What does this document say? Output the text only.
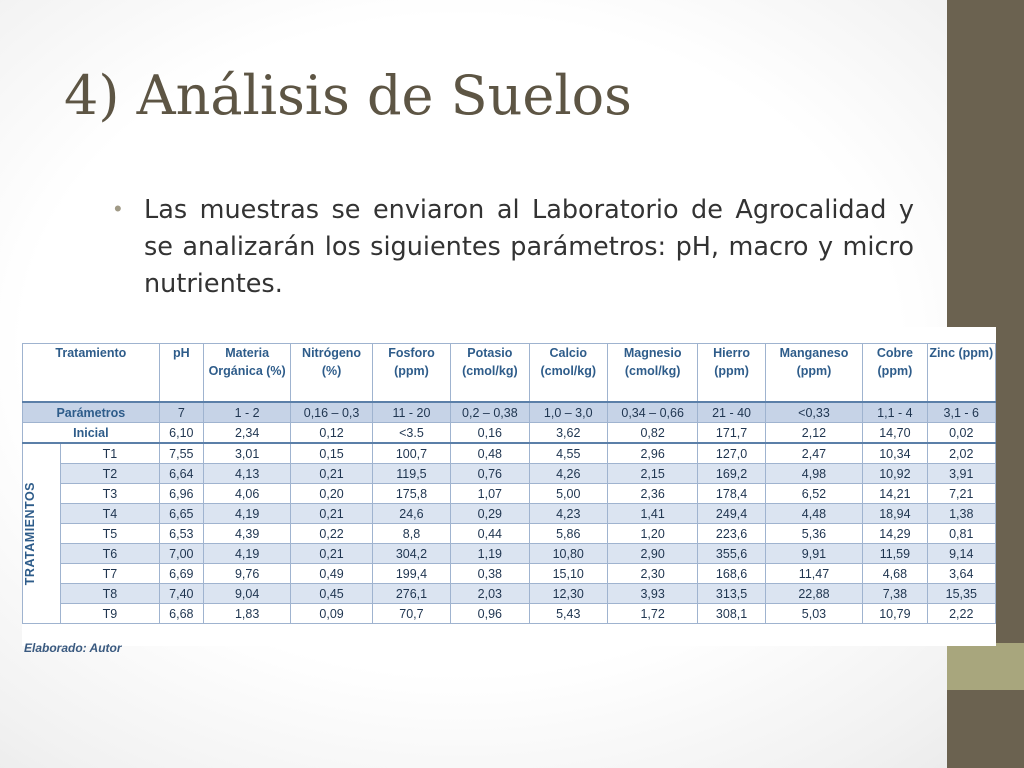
4) Análisis de Suelos
• Las muestras se enviaron al Laboratorio de Agrocalidad y se analizarán los siguientes parámetros: pH, macro y micro nutrientes.
Tratamiento		pH	Materia Orgánica (%)	Nitrógeno (%)	Fosforo (ppm)	Potasio (cmol/kg)	Calcio (cmol/kg)	Magnesio (cmol/kg)	Hierro (ppm)	Manganeso (ppm)	Cobre (ppm)	Zinc (ppm)
Parámetros		7	1 - 2	0,16 – 0,3	11 - 20	0,2 – 0,38	1,0 – 3,0	0,34 – 0,66	21 - 40	<0,33	1,1 - 4	3,1 - 6
Inicial		6,10	2,34	0,12	<3.5	0,16	3,62	0,82	171,7	2,12	14,70	0,02

TRATAMIENTOS	T1	7,55	3,01	0,15	100,7	0,48	4,55	2,96	127,0	2,47	10,34	2,02
	T2	6,64	4,13	0,21	119,5	0,76	4,26	2,15	169,2	4,98	10,92	3,91
	T3	6,96	4,06	0,20	175,8	1,07	5,00	2,36	178,4	6,52	14,21	7,21
	T4	6,65	4,19	0,21	24,6	0,29	4,23	1,41	249,4	4,48	18,94	1,38
	T5	6,53	4,39	0,22	8,8	0,44	5,86	1,20	223,6	5,36	14,29	0,81
	T6	7,00	4,19	0,21	304,2	1,19	10,80	2,90	355,6	9,91	11,59	9,14
	T7	6,69	9,76	0,49	199,4	0,38	15,10	2,30	168,6	11,47	4,68	3,64
	T8	7,40	9,04	0,45	276,1	2,03	12,30	3,93	313,5	22,88	7,38	15,35
	T9	6,68	1,83	0,09	70,7	0,96	5,43	1,72	308,1	5,03	10,79	2,22
Elaborado: Autor
